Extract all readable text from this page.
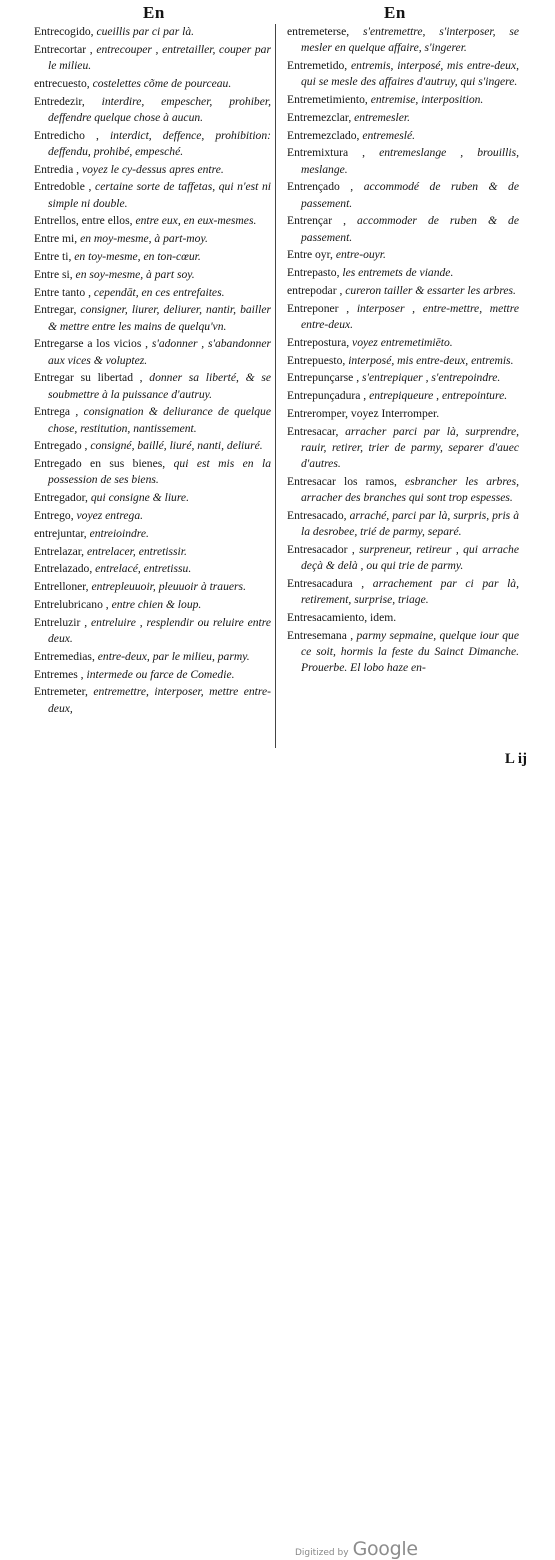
En	En

Entrecogido, cueillis par ci par là.

Entrecortar , entrecouper , entretailler, couper par le milieu.

entrecuesto, costelettes cõme de pourceau.

Entredezir, interdire, empescher, prohiber, deffendre quelque chose à aucun.

Entredicho , interdict, deffence, prohibition: deffendu, prohibé, empesché.

Entredia , voyez le cy-dessus apres entre.

Entredoble , certaine sorte de taffetas, qui n'est ni simple ni double.

Entrellos, entre ellos, entre eux, en eux-mesmes.

Entre mi, en moy-mesme, à part-moy.

Entre ti, en toy-mesme, en ton-cœur.

Entre si, en soy-mesme, à part soy.

Entre tanto , cependāt, en ces entrefaites.

Entregar, consigner, liurer, deliurer, nantir, bailler & mettre entre les mains de quelqu'vn.

Entregarse a los vicios , s'adonner , s'abandonner aux vices & voluptez.

Entregar su libertad , donner sa liberté, & se soubmettre à la puissance d'autruy.

Entrega , consignation & deliurance de quelque chose, restitution, nantissement.

Entregado , consigné, baillé, liuré, nanti, deliuré.

Entregado en sus bienes, qui est mis en la possession de ses biens.

Entregador, qui consigne & liure.

Entrego, voyez entrega.

entrejuntar, entreioindre.

Entrelazar, entrelacer, entretissir.

Entrelazado, entrelacé, entretissu.

Entrelloner, entrepleuuoir, pleuuoir à trauers.

Entrelubricano , entre chien & loup.

Entreluzir , entreluire , resplendir ou reluire entre deux.

Entremedias, entre-deux, par le milieu, parmy.

Entremes , intermede ou farce de Comedie.

Entremeter, entremettre, interposer, mettre entre-deux,

entremeterse, s'entremettre, s'interposer, se mesler en quelque affaire, s'ingerer.

Entremetido, entremis, interposé, mis entre-deux, qui se mesle des affaires d'autruy, qui s'ingere.

Entremetimiento, entremise, interposition.

Entremezclar, entremesler.

Entremezclado, entremeslé.

Entremixtura , entremeslange , brouillis, meslange.

Entrençado , accommodé de ruben & de passement.

Entrençar , accommoder de ruben & de passement.

Entre oyr, entre-ouyr.

Entrepasto, les entremets de viande.

entrepodar , cureron tailler & essarter les arbres.

Entreponer , interposer , entre-mettre, mettre entre-deux.

Entrepostura, voyez entremetimiēto.

Entrepuesto, interposé, mis entre-deux, entremis.

Entrepunçarse , s'entrepiquer , s'entrepoindre.

Entrepunçadura , entrepiqueure , entrepointure.

Entreromper, voyez Interromper.

Entresacar, arracher parci par là, surprendre, rauir, retirer, trier de parmy, separer d'auec d'autres.

Entresacar los ramos, esbrancher les arbres, arracher des branches qui sont trop espesses.

Entresacado, arraché, parci par là, surpris, pris à la desrobee, trié de parmy, separé.

Entresacador , surpreneur, retireur , qui arrache deçà & delà , ou qui trie de parmy.

Entresacadura , arrachement par ci par là, retirement, surprise, triage.

Entresacamiento, idem.

Entresemana , parmy sepmaine, quelque iour que ce soit, hormis la feste du Sainct Dimanche. Prouerbe. El lobo haze en-

L ij
Digitized by Google
